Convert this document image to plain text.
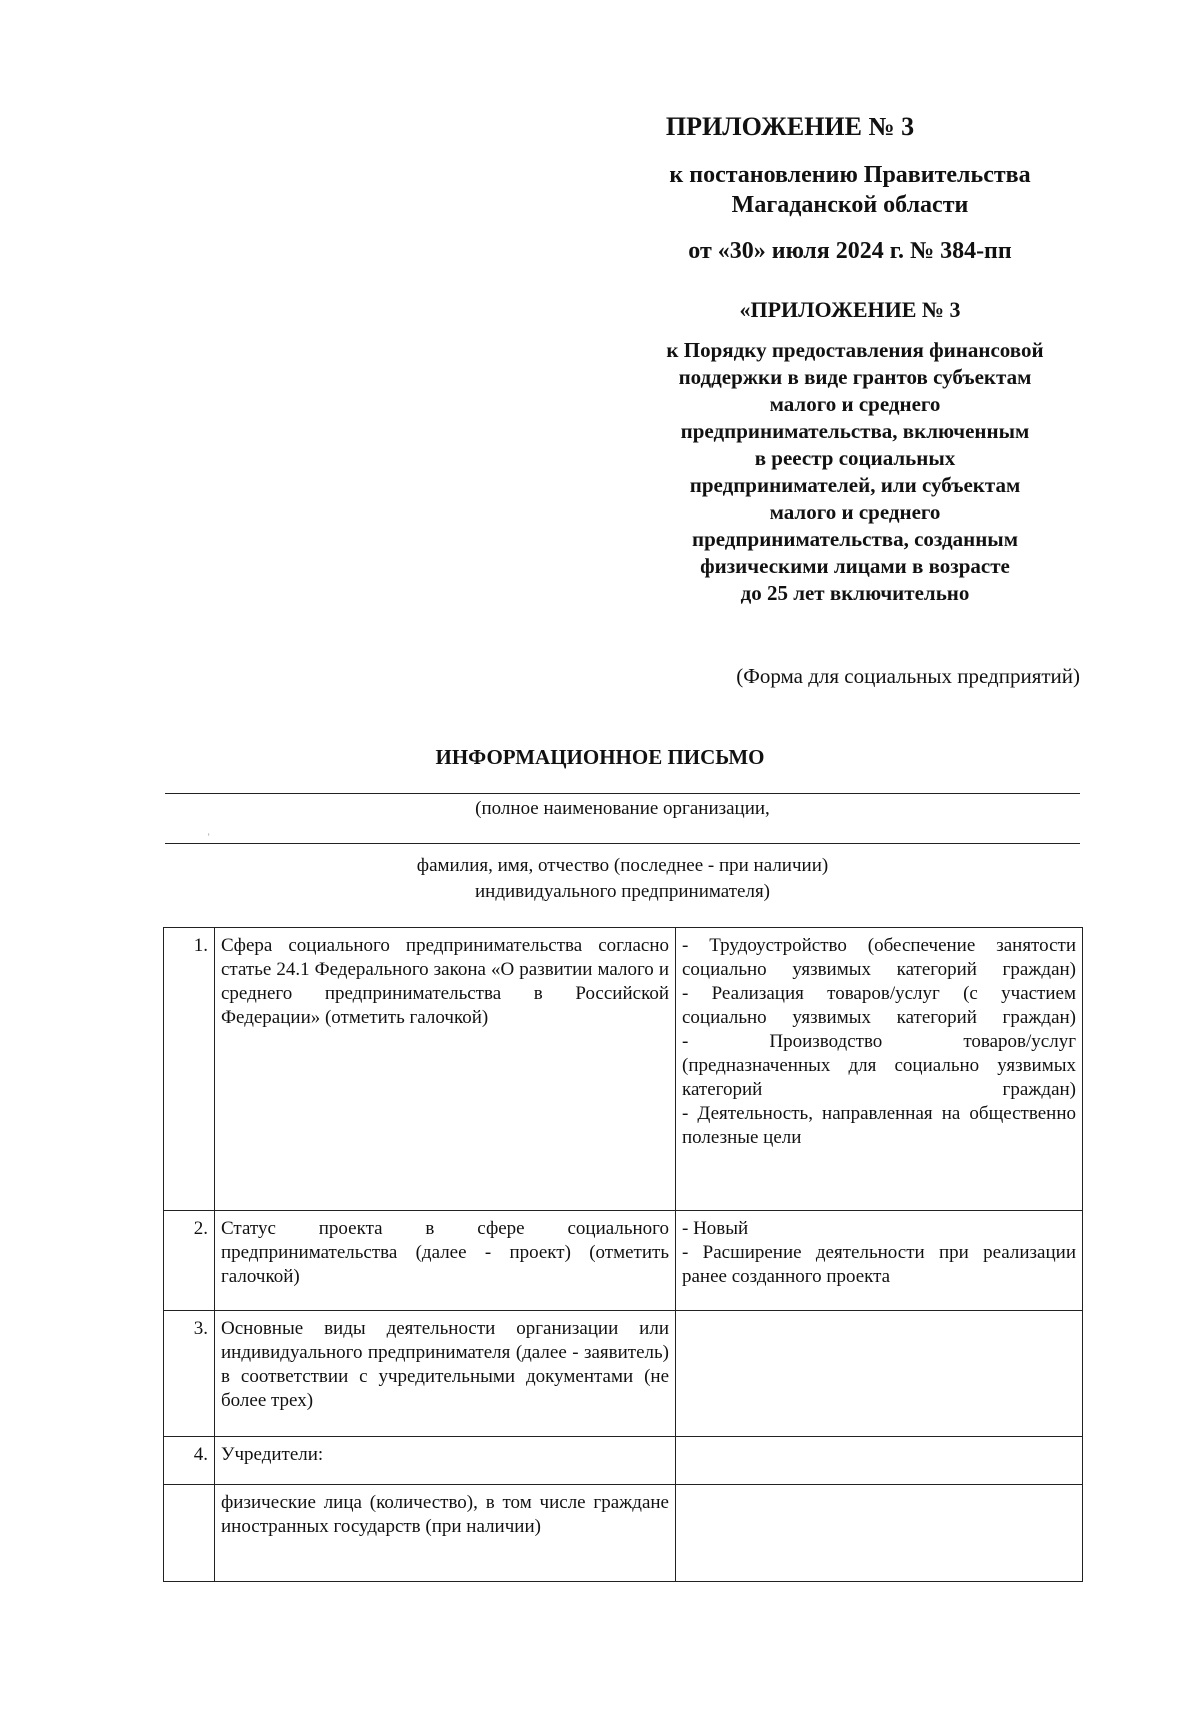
ПРИЛОЖЕНИЕ № 3
к постановлению Правительства
Магаданской области
от «30» июля 2024 г. № 384-пп
«ПРИЛОЖЕНИЕ № 3
к Порядку предоставления финансовой
поддержки в виде грантов субъектам
малого и среднего
предпринимательства, включенным
в реестр социальных
предпринимателей, или субъектам
малого и среднего
предпринимательства, созданным
физическими лицами в возрасте
до 25 лет включительно
(Форма для социальных предприятий)
ИНФОРМАЦИОННОЕ ПИСЬМО
(полное наименование организации,
ʾ
фамилия, имя, отчество (последнее - при наличии)
индивидуального предпринимателя)
1.	Сфера социального предпринимательства согласно статье 24.1 Федерального закона «О развитии малого и среднего предпринимательства в Российской Федерации» (отметить галочкой)	- Трудоустройство (обеспечение занятости социально уязвимых категорий граждан)
- Реализация товаров/услуг (с участием социально уязвимых категорий граждан)
- Производство товаров/услуг (предназначенных для социально уязвимых категорий граждан)
- Деятельность, направленная на общественно полезные цели

2.	Статус проекта в сфере социального предпринимательства (далее - проект) (отметить галочкой)	- Новый
- Расширение деятельности при реализации ранее созданного проекта

3.	Основные виды деятельности организации или индивидуального предпринимателя (далее - заявитель) в соответствии с учредительными документами (не более трех)	
4.	Учредители:	
	физические лица (количество), в том числе граждане иностранных государств (при наличии)	
